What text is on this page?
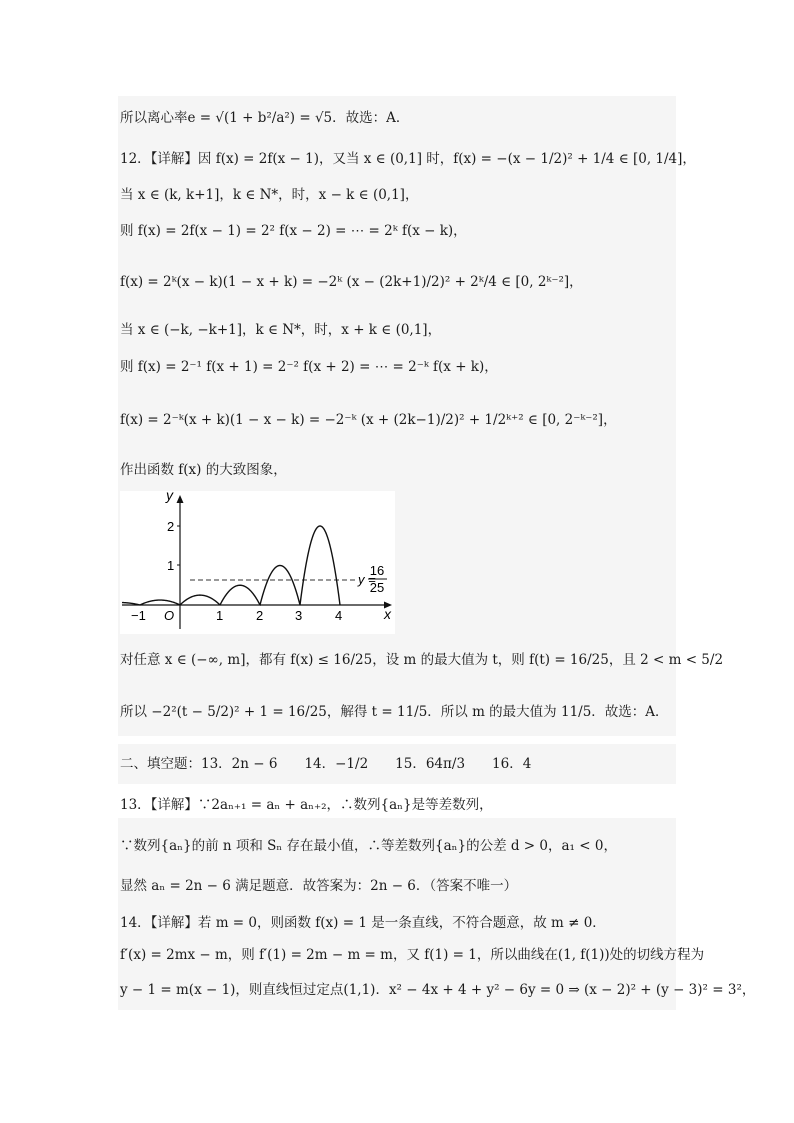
所以离心率e = √(1 + b²/a²) = √5．故选：A．
12．【详解】因 f(x) = 2f(x − 1)，又当 x ∈ (0,1] 时，f(x) = −(x − 1/2)² + 1/4 ∈ [0, 1/4]，
当 x ∈ (k, k+1]，k ∈ N*，时，x − k ∈ (0,1]，
则 f(x) = 2f(x − 1) = 2² f(x − 2) = ⋯ = 2ᵏ f(x − k)，
f(x) = 2ᵏ(x − k)(1 − x + k) = −2ᵏ (x − (2k+1)/2)² + 2ᵏ/4 ∈ [0, 2ᵏ⁻²]，
当 x ∈ (−k, −k+1]，k ∈ N*，时，x + k ∈ (0,1]，
则 f(x) = 2⁻¹ f(x + 1) = 2⁻² f(x + 2) = ⋯ = 2⁻ᵏ f(x + k)，
f(x) = 2⁻ᵏ(x + k)(1 − x − k) = −2⁻ᵏ (x + (2k−1)/2)² + 1/2ᵏ⁺² ∈ [0, 2⁻ᵏ⁻²]，
作出函数 f(x) 的大致图象，
y
x
O
−1	1	2 3	4
1
2
y =
16
25
对任意 x ∈ (−∞, m]，都有 f(x) ≤ 16/25，设 m 的最大值为 t，则 f(t) = 16/25，且 2 < m < 5/2
所以 −2²(t − 5/2)² + 1 = 16/25，解得 t = 11/5．所以 m 的最大值为 11/5．故选：A．
二、填空题：13．2n − 6　　14．−1/2　　15．64π/3　　16．4
13．【详解】∵2aₙ₊₁ = aₙ + aₙ₊₂，∴数列{aₙ}是等差数列，
∵数列{aₙ}的前 n 项和 Sₙ 存在最小值，∴等差数列{aₙ}的公差 d > 0，a₁ < 0，
显然 aₙ = 2n − 6 满足题意．故答案为：2n − 6．（答案不唯一）
14．【详解】若 m = 0，则函数 f(x) = 1 是一条直线，不符合题意，故 m ≠ 0．
f′(x) = 2mx − m，则 f′(1) = 2m − m = m，又 f(1) = 1，所以曲线在(1, f(1))处的切线方程为
y − 1 = m(x − 1)，则直线恒过定点(1,1)．x² − 4x + 4 + y² − 6y = 0 ⇒ (x − 2)² + (y − 3)² = 3²，
